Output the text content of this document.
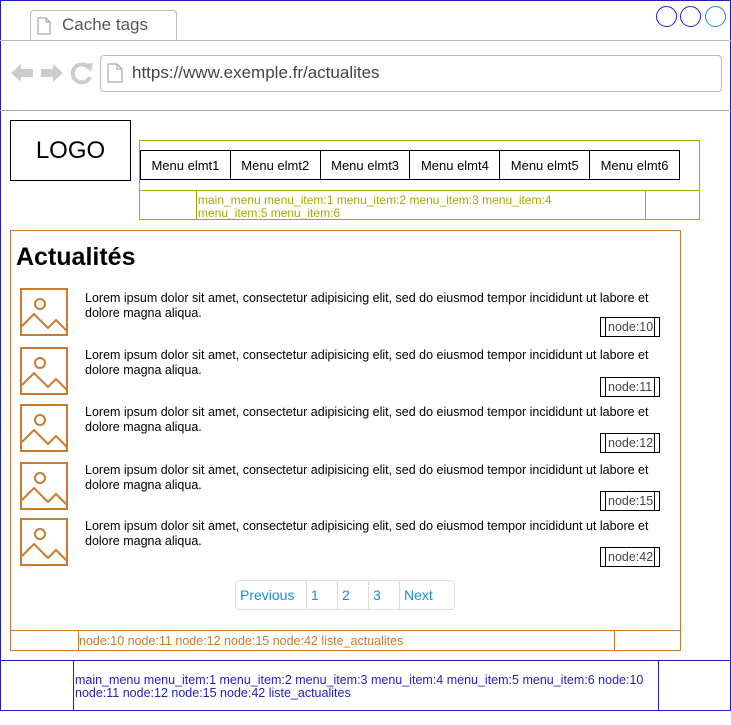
Cache tags
https://www.exemple.fr/actualites
LOGO
Menu elmt1	Menu elmt2	Menu elmt3	Menu elmt4	Menu elmt5	Menu elmt6
main_menu menu_item:1 menu_item:2 menu_item:3 menu_item:4 menu_item:5 menu_item:6
Actualités
Lorem ipsum dolor sit amet, consectetur adipisicing elit, sed do eiusmod tempor incididunt ut labore et dolore magna aliqua.
node:10
Lorem ipsum dolor sit amet, consectetur adipisicing elit, sed do eiusmod tempor incididunt ut labore et dolore magna aliqua.
node:11
Lorem ipsum dolor sit amet, consectetur adipisicing elit, sed do eiusmod tempor incididunt ut labore et dolore magna aliqua.
node:12
Lorem ipsum dolor sit amet, consectetur adipisicing elit, sed do eiusmod tempor incididunt ut labore et dolore magna aliqua.
node:15
Lorem ipsum dolor sit amet, consectetur adipisicing elit, sed do eiusmod tempor incididunt ut labore et dolore magna aliqua.
node:42
Previous	1	2	3	Next
node:10 node:11 node:12 node:15 node:42 liste_actualites
main_menu menu_item:1 menu_item:2 menu_item:3 menu_item:4 menu_item:5 menu_item:6 node:10 node:11 node:12 node:15 node:42 liste_actualites
